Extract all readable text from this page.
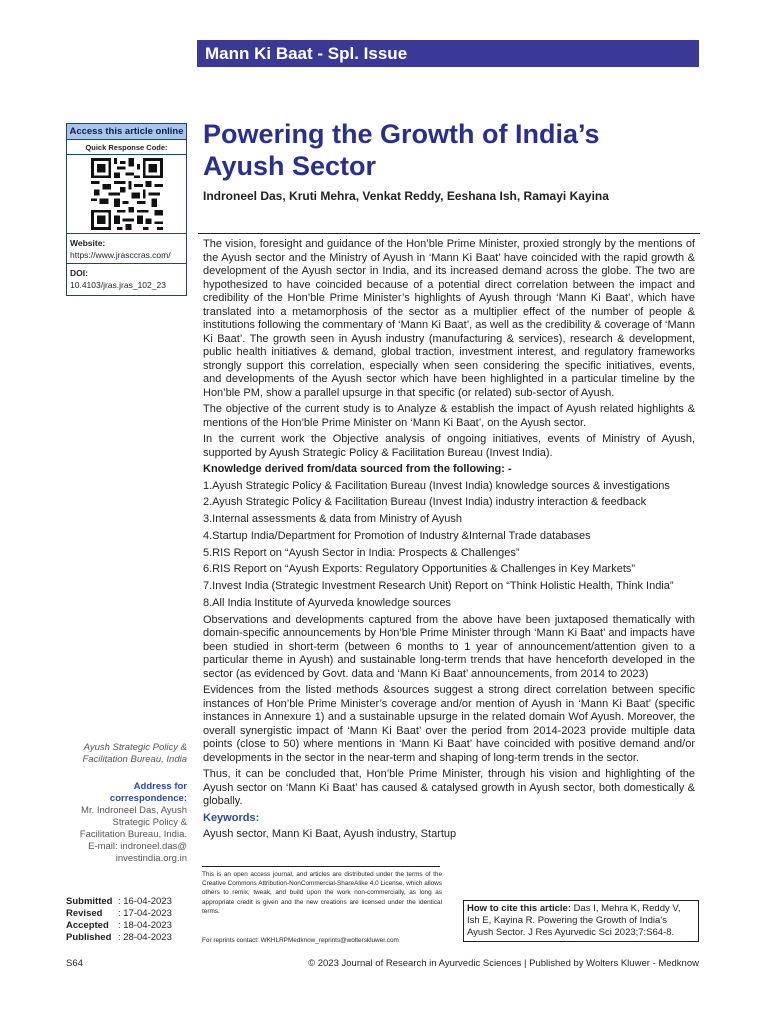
Mann Ki Baat - Spl. Issue
Access this article online
Quick Response Code:
Website:
https://www.jrasccras.com/
DOI:
10.4103/jras.jras_102_23
Powering the Growth of India’s Ayush Sector
Indroneel Das, Kruti Mehra, Venkat Reddy, Eeshana Ish, Ramayi Kayina

The vision, foresight and guidance of the Hon’ble Prime Minister, proxied strongly by the mentions of the Ayush sector and the Ministry of Ayush in ‘Mann Ki Baat’ have coincided with the rapid growth & development of the Ayush sector in India, and its increased demand across the globe. The two are hypothesized to have coincided because of a potential direct correlation between the impact and credibility of the Hon’ble Prime Minister’s highlights of Ayush through ‘Mann Ki Baat’, which have translated into a metamorphosis of the sector as a multiplier effect of the number of people & institutions following the commentary of ‘Mann Ki Baat’, as well as the credibility & coverage of ‘Mann Ki Baat’. The growth seen in Ayush industry (manufacturing & services), research & development, public health initiatives & demand, global traction, investment interest, and regulatory frameworks strongly support this correlation, especially when seen considering the specific initiatives, events, and developments of the Ayush sector which have been highlighted in a particular timeline by the Hon’ble PM, show a parallel upsurge in that specific (or related) sub-sector of Ayush.

The objective of the current study is to Analyze & establish the impact of Ayush related highlights & mentions of the Hon’ble Prime Minister on ‘Mann Ki Baat’, on the Ayush sector.

In the current work the Objective analysis of ongoing initiatives, events of Ministry of Ayush, supported by Ayush Strategic Policy & Facilitation Bureau (Invest India).

Knowledge derived from/data sourced from the following: -

1.Ayush Strategic Policy & Facilitation Bureau (Invest India) knowledge sources & investigations

2.Ayush Strategic Policy & Facilitation Bureau (Invest India) industry interaction & feedback

3.Internal assessments & data from Ministry of Ayush

4.Startup India/Department for Promotion of Industry &Internal Trade databases

5.RIS Report on “Ayush Sector in India: Prospects & Challenges”

6.RIS Report on “Ayush Exports: Regulatory Opportunities & Challenges in Key Markets”

7.Invest India (Strategic Investment Research Unit) Report on “Think Holistic Health, Think India”

8.All India Institute of Ayurveda knowledge sources

Observations and developments captured from the above have been juxtaposed thematically with domain-specific announcements by Hon’ble Prime Minister through ‘Mann Ki Baat’ and impacts have been studied in short-term (between 6 months to 1 year of announcement/attention given to a particular theme in Ayush) and sustainable long-term trends that have henceforth developed in the sector (as evidenced by Govt. data and ‘Mann Ki Baat’ announcements, from 2014 to 2023)

Evidences from the listed methods &sources suggest a strong direct correlation between specific instances of Hon’ble Prime Minister’s coverage and/or mention of Ayush in ‘Mann Ki Baat’ (specific instances in Annexure 1) and a sustainable upsurge in the related domain Wof Ayush. Moreover, the overall synergistic impact of ‘Mann Ki Baat’ over the period from 2014-2023 provide multiple data points (close to 50) where mentions in ‘Mann Ki Baat’ have coincided with positive demand and/or developments in the sector in the near-term and shaping of long-term trends in the sector.

Thus, it can be concluded that, Hon’ble Prime Minister, through his vision and highlighting of the Ayush sector on ‘Mann Ki Baat’ has caused & catalysed growth in Ayush sector, both domestically & globally.

Keywords:

Ayush sector, Mann Ki Baat, Ayush industry, Startup

Ayush Strategic Policy & Facilitation Bureau, India
Address for correspondence:
Mr. Indroneel Das, Ayush Strategic Policy & Facilitation Bureau, India.
E-mail: indroneel.das@ investindia.org.in
Submitted : 16-04-2023
Revised : 17-04-2023
Accepted : 18-04-2023
Published : 28-04-2023
This is an open access journal, and articles are distributed under the terms of the Creative Commons Attribution-NonCommercial-ShareAlike 4.0 License, which allows others to remix, tweak, and build upon the work non-commercially, as long as appropriate credit is given and the new creations are licensed under the identical terms.
For reprints contact: WKHLRPMedknow_reprints@wolterskluwer.com
How to cite this article: Das I, Mehra K, Reddy V, Ish E, Kayina R. Powering the Growth of India’s Ayush Sector. J Res Ayurvedic Sci 2023;7:S64-8.
S64	© 2023 Journal of Research in Ayurvedic Sciences | Published by Wolters Kluwer - Medknow
